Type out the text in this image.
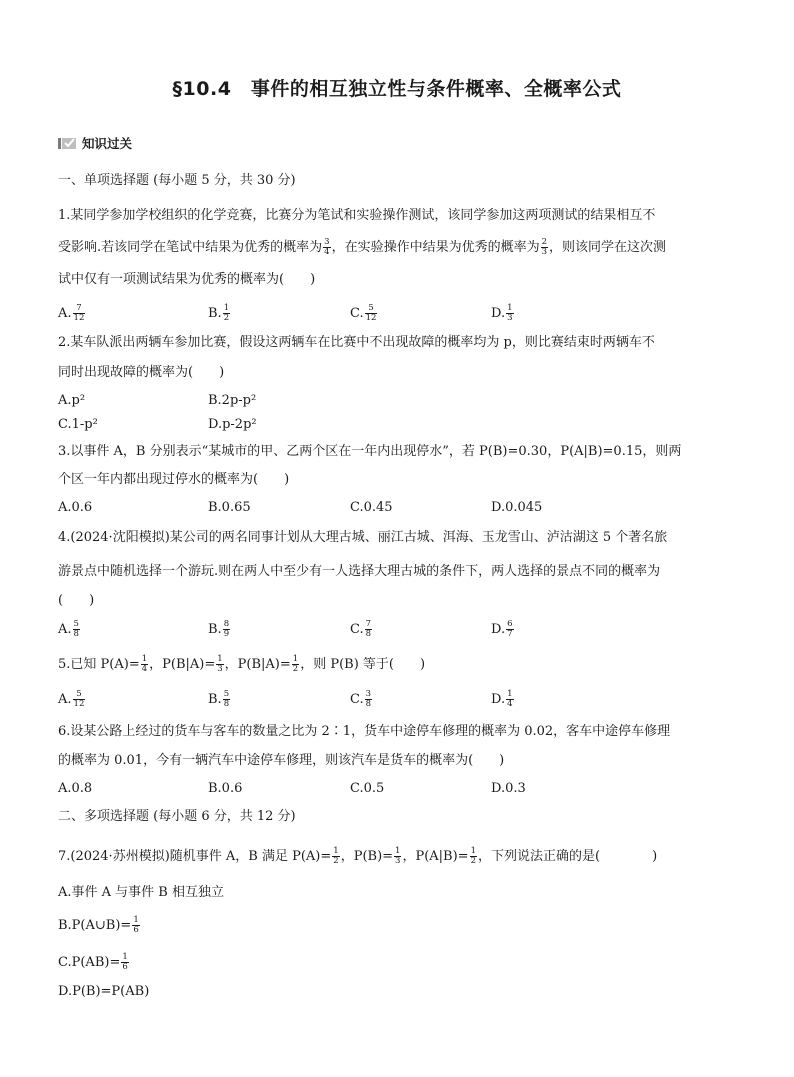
§10.4　事件的相互独立性与条件概率、全概率公式
知识过关
一、单项选择题 (每小题 5 分，共 30 分)
1.某同学参加学校组织的化学竞赛，比赛分为笔试和实验操作测试，该同学参加这两项测试的结果相互不
受影响.若该同学在笔试中结果为优秀的概率为 $\frac{3}{4}$ ，在实验操作中结果为优秀的概率为 $\frac{2}{3}$ ，则该同学在这次测
试中仅有一项测试结果为优秀的概率为(　　)
A. $\frac{7}{12}$	B. $\frac{1}{2}$	C. $\frac{5}{12}$	D. $\frac{1}{3}$
2.某车队派出两辆车参加比赛，假设这两辆车在比赛中不出现故障的概率均为 p，则比赛结束时两辆车不
同时出现故障的概率为(　　)
A.p²	B.2p-p²
C.1-p²	D.p-2p²
3.以事件 A，B 分别表示“某城市的甲、乙两个区在一年内出现停水”，若 P(B)=0.30，P(A|B)=0.15，则两
个区一年内都出现过停水的概率为(　　)
A.0.6	B.0.65	C.0.45	D.0.045
4.(2024·沈阳模拟)某公司的两名同事计划从大理古城、丽江古城、洱海、玉龙雪山、泸沽湖这 5 个著名旅
游景点中随机选择一个游玩.则在两人中至少有一人选择大理古城的条件下，两人选择的景点不同的概率为
(　　)
A. $\frac{5}{8}$	B. $\frac{8}{9}$	C. $\frac{7}{8}$	D. $\frac{6}{7}$
5.已知 $P(A)= \frac{1}{4}$ ，$P(B|A)= \frac{1}{3}$ ，$P(B|A)= \frac{1}{2}$ ，则 P(B) 等于(　　)
A. $\frac{5}{12}$	B. $\frac{5}{8}$	C. $\frac{3}{8}$	D. $\frac{1}{4}$
6.设某公路上经过的货车与客车的数量之比为 2∶1，货车中途停车修理的概率为 0.02，客车中途停车修理
的概率为 0.01，今有一辆汽车中途停车修理，则该汽车是货车的概率为(　　)
A.0.8	B.0.6	C.0.5	D.0.3
二、多项选择题 (每小题 6 分，共 12 分)
7.(2024·苏州模拟)随机事件 A，B 满足 $P(A)= \frac{1}{2}$ ，$P(B)= \frac{1}{3}$ ，$P(A|B)= \frac{1}{2}$ ，下列说法正确的是(　　　　)
A.事件 A 与事件 B 相互独立
B.P(A∪B)= $\frac{1}{6}$
$C.P(AB)= \frac{1}{6}$
D.P(B)=P(AB)
